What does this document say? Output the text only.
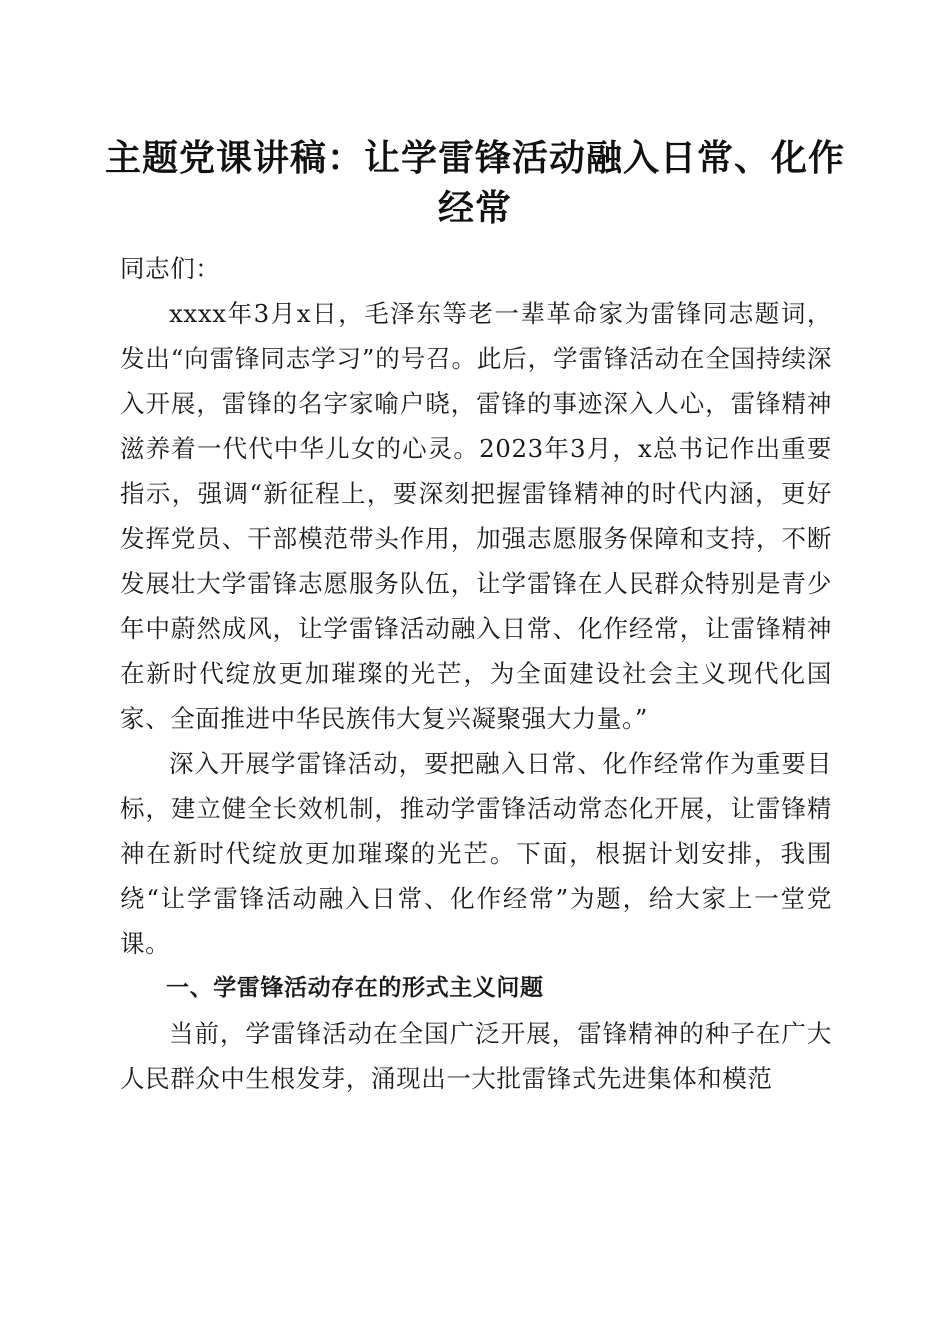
主题党课讲稿：让学雷锋活动融入日常、化作经常

同志们：

xxxx年3月x日，毛泽东等老一辈革命家为雷锋同志题词，发出“向雷锋同志学习”的号召。此后，学雷锋活动在全国持续深入开展，雷锋的名字家喻户晓，雷锋的事迹深入人心，雷锋精神滋养着一代代中华儿女的心灵。2023年3月，x总书记作出重要指示，强调“新征程上，要深刻把握雷锋精神的时代内涵，更好发挥党员、干部模范带头作用，加强志愿服务保障和支持，不断发展壮大学雷锋志愿服务队伍，让学雷锋在人民群众特别是青少年中蔚然成风，让学雷锋活动融入日常、化作经常，让雷锋精神在新时代绽放更加璀璨的光芒，为全面建设社会主义现代化国家、全面推进中华民族伟大复兴凝聚强大力量。”

深入开展学雷锋活动，要把融入日常、化作经常作为重要目标，建立健全长效机制，推动学雷锋活动常态化开展，让雷锋精神在新时代绽放更加璀璨的光芒。下面，根据计划安排，我围绕“让学雷锋活动融入日常、化作经常”为题，给大家上一堂党课。

一、学雷锋活动存在的形式主义问题

当前，学雷锋活动在全国广泛开展，雷锋精神的种子在广大人民群众中生根发芽，涌现出一大批雷锋式先进集体和模范
